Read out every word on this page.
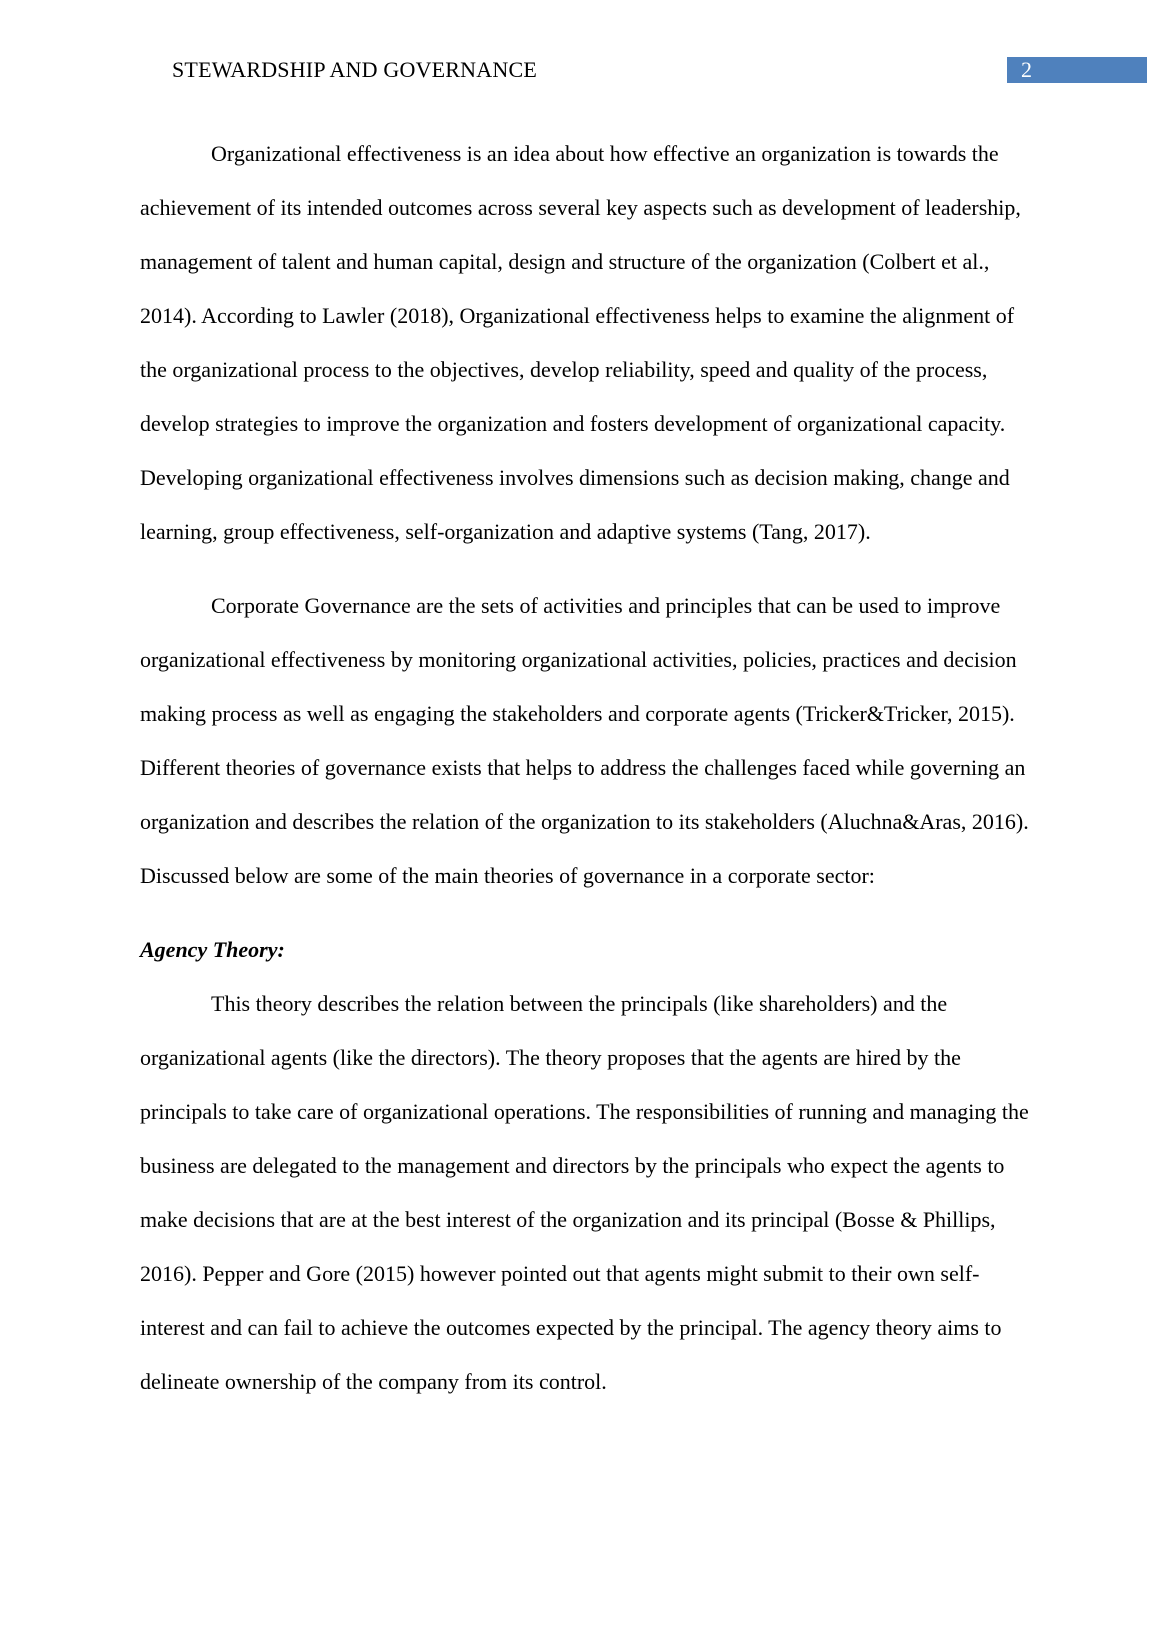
STEWARDSHIP AND GOVERNANCE	2

Organizational effectiveness is an idea about how effective an organization is towards the achievement of its intended outcomes across several key aspects such as development of leadership, management of talent and human capital, design and structure of the organization (Colbert et al., 2014). According to Lawler (2018), Organizational effectiveness helps to examine the alignment of the organizational process to the objectives, develop reliability, speed and quality of the process, develop strategies to improve the organization and fosters development of organizational capacity. Developing organizational effectiveness involves dimensions such as decision making, change and learning, group effectiveness, self-organization and adaptive systems (Tang, 2017).

Corporate Governance are the sets of activities and principles that can be used to improve organizational effectiveness by monitoring organizational activities, policies, practices and decision making process as well as engaging the stakeholders and corporate agents (Tricker&Tricker, 2015). Different theories of governance exists that helps to address the challenges faced while governing an organization and describes the relation of the organization to its stakeholders (Aluchna&Aras, 2016). Discussed below are some of the main theories of governance in a corporate sector:

Agency Theory:

This theory describes the relation between the principals (like shareholders) and the organizational agents (like the directors). The theory proposes that the agents are hired by the principals to take care of organizational operations. The responsibilities of running and managing the business are delegated to the management and directors by the principals who expect the agents to make decisions that are at the best interest of the organization and its principal (Bosse & Phillips, 2016). Pepper and Gore (2015) however pointed out that agents might submit to their own self-interest and can fail to achieve the outcomes expected by the principal. The agency theory aims to delineate ownership of the company from its control.
